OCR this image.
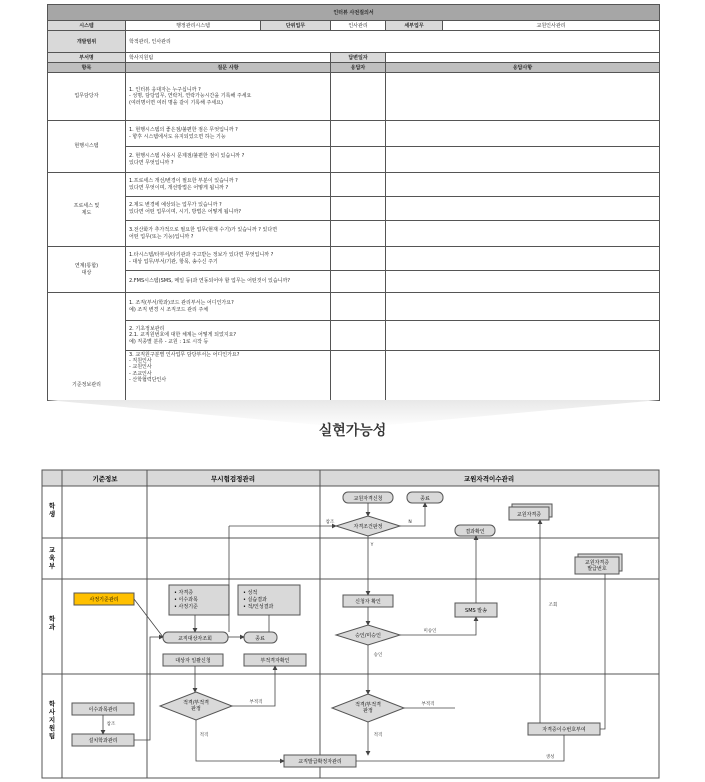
인터뷰 사전질의서					
시스템	행정관리시스템	단위업무	인사관리	세부업무	교원인사관리
개발범위	학적관리, 인사관리				
부서명	학사지원팀		답변일자		
항목	질문 사항		응답자	응답사항	
업무담당자	1. 인터뷰 응대자는 누구십니까 ?
- 성명, 담당업무, 연락처, 연락가능시간을 기록해 주세요
(여러명이면 여러 명을 같이 기록해 주세요)				
현행시스템	1. 현행시스템의 좋은점/불편한 점은 무엇입니까 ?
- 향후 시스템에서도 유지되었으면 하는 기능				
	2. 현행시스템 사용시 문제점/불편한 점이 있습니까 ?
있다면 무엇입니까 ?				
프로세스 및
제도	1.프로세스 개선/변경이 필요한 부분이 있습니까 ?
있다면 무엇이며, 개선방법은 어떻게 됩니까 ?				
	2.제도 변경에 예상되는 업무가 있습니까 ?
있다면 어떤 업무이며, 시기, 방법은 어떻게 됩니까?				
	3.전산화가 추가적으로 필요한 업무(현재 수기)가 있습니까 ? 있다면
어떤 업무(또는 기능)입니까 ?				
연계(통합)
대상	1.타시스템/타부서/타기관과 주고받는 정보가 있다면 무엇입니까 ?
- 대상 업무/부서/기관, 항목, 송수신 주기				
	2.FMS시스템(SMS, 메일 등)과 연동되어야 할 업무는 어떤것이 있습니까?				
기준정보관리	1. 조직(부서/학과)코드 관리부서는 어디인가요?
예) 조직 변경 시 조직코드 관리 주체				
	2. 기초정보관리
2.1. 교직원번호에 대한 체계는 어떻게 되었지요?
예) 직종별 분류 - 교원 : 1로 시작 등				
	3. 교직원구분별 인사업무 담당부서는 어디인가요?
- 직원인사
- 교원인사
- 조교인사
- 산학협력단인사				
실현가능성
기준정보	무시험검정관리	교원자격이수관리
학 생
교 육 부
학 과
학 사 지 원 팀
교원자격신청	종료
자격조건판정
결과확인
교원자격증
교원자격증 발급번호
사정기준관리
• 자격증 • 이수과목 • 사정기준
• 성적 • 실습결과 • 적/인성결과
교직대상자조회	종료
대상자 일괄신청	부적격자확인
신청자 확인
SMS 발송
승인/미승인
이수과목관리
설치학과관리
적격/부적격 판정
적격/부적격 판정
자격증이수번호부여
교직발급확정자관리
참조	N
Y
미승인
승인
부적격	부적격
적격	적격
참조
조회
생성
